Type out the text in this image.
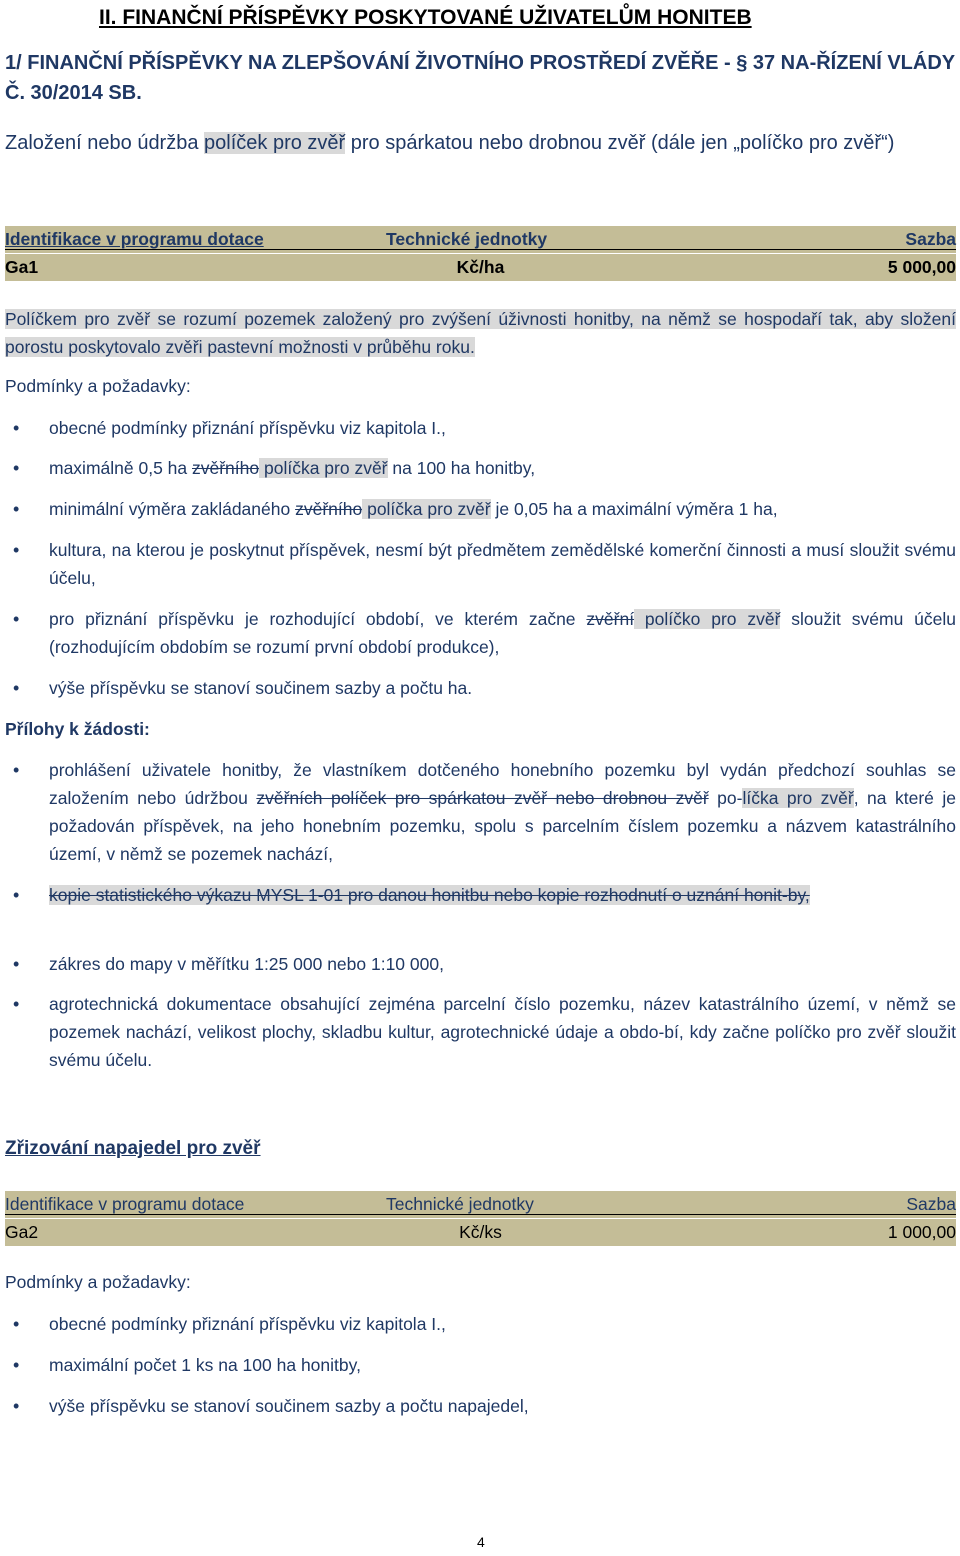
II. FINANČNÍ PŘÍSPĚVKY POSKYTOVANÉ UŽIVATELŮM HONITEB
1/ FINANČNÍ PŘÍSPĚVKY NA ZLEPŠOVÁNÍ ŽIVOTNÍHO PROSTŘEDÍ ZVĚŘE - § 37 NA-ŘÍZENÍ VLÁDY Č. 30/2014 SB.
Založení nebo údržba políček pro zvěř pro spárkatou nebo drobnou zvěř (dále jen „políčko pro zvěř“)
Identifikace v programu dotace	Technické jednotky	Sazba
Ga1	Kč/ha	5 000,00
Políčkem pro zvěř se rozumí pozemek založený pro zvýšení úživnosti honitby, na němž se hospodaří tak, aby složení porostu poskytovalo zvěři pastevní možnosti v průběhu roku.
Podmínky a požadavky:
• obecné podmínky přiznání příspěvku viz kapitola I.,
• maximálně 0,5 ha zvěřního políčka pro zvěř na 100 ha honitby,
• minimální výměra zakládaného zvěřního políčka pro zvěř je 0,05 ha a maximální výměra 1 ha,
• kultura, na kterou je poskytnut příspěvek, nesmí být předmětem zemědělské komerční činnosti a musí sloužit svému účelu,
• pro přiznání příspěvku je rozhodující období, ve kterém začne zvěřní políčko pro zvěř sloužit svému účelu (rozhodujícím obdobím se rozumí první období produkce),
• výše příspěvku se stanoví součinem sazby a počtu ha.
Přílohy k žádosti:
• prohlášení uživatele honitby, že vlastníkem dotčeného honebního pozemku byl vydán předchozí souhlas se založením nebo údržbou zvěřních políček pro spárkatou zvěř nebo drobnou zvěř po-líčka pro zvěř, na které je požadován příspěvek, na jeho honebním pozemku, spolu s parcelním číslem pozemku a názvem katastrálního území, v němž se pozemek nachází,
• kopie statistického výkazu MYSL 1-01 pro danou honitbu nebo kopie rozhodnutí o uznání honit-by,
• zákres do mapy v měřítku 1:25 000 nebo 1:10 000,
• agrotechnická dokumentace obsahující zejména parcelní číslo pozemku, název katastrálního území, v němž se pozemek nachází, velikost plochy, skladbu kultur, agrotechnické údaje a obdo-bí, kdy začne políčko pro zvěř sloužit svému účelu.
Zřizování napajedel pro zvěř
Identifikace v programu dotace	Technické jednotky	Sazba
Ga2	Kč/ks	1 000,00
Podmínky a požadavky:
• obecné podmínky přiznání příspěvku viz kapitola I.,
• maximální počet 1 ks na 100 ha honitby,
• výše příspěvku se stanoví součinem sazby a počtu napajedel,
4
